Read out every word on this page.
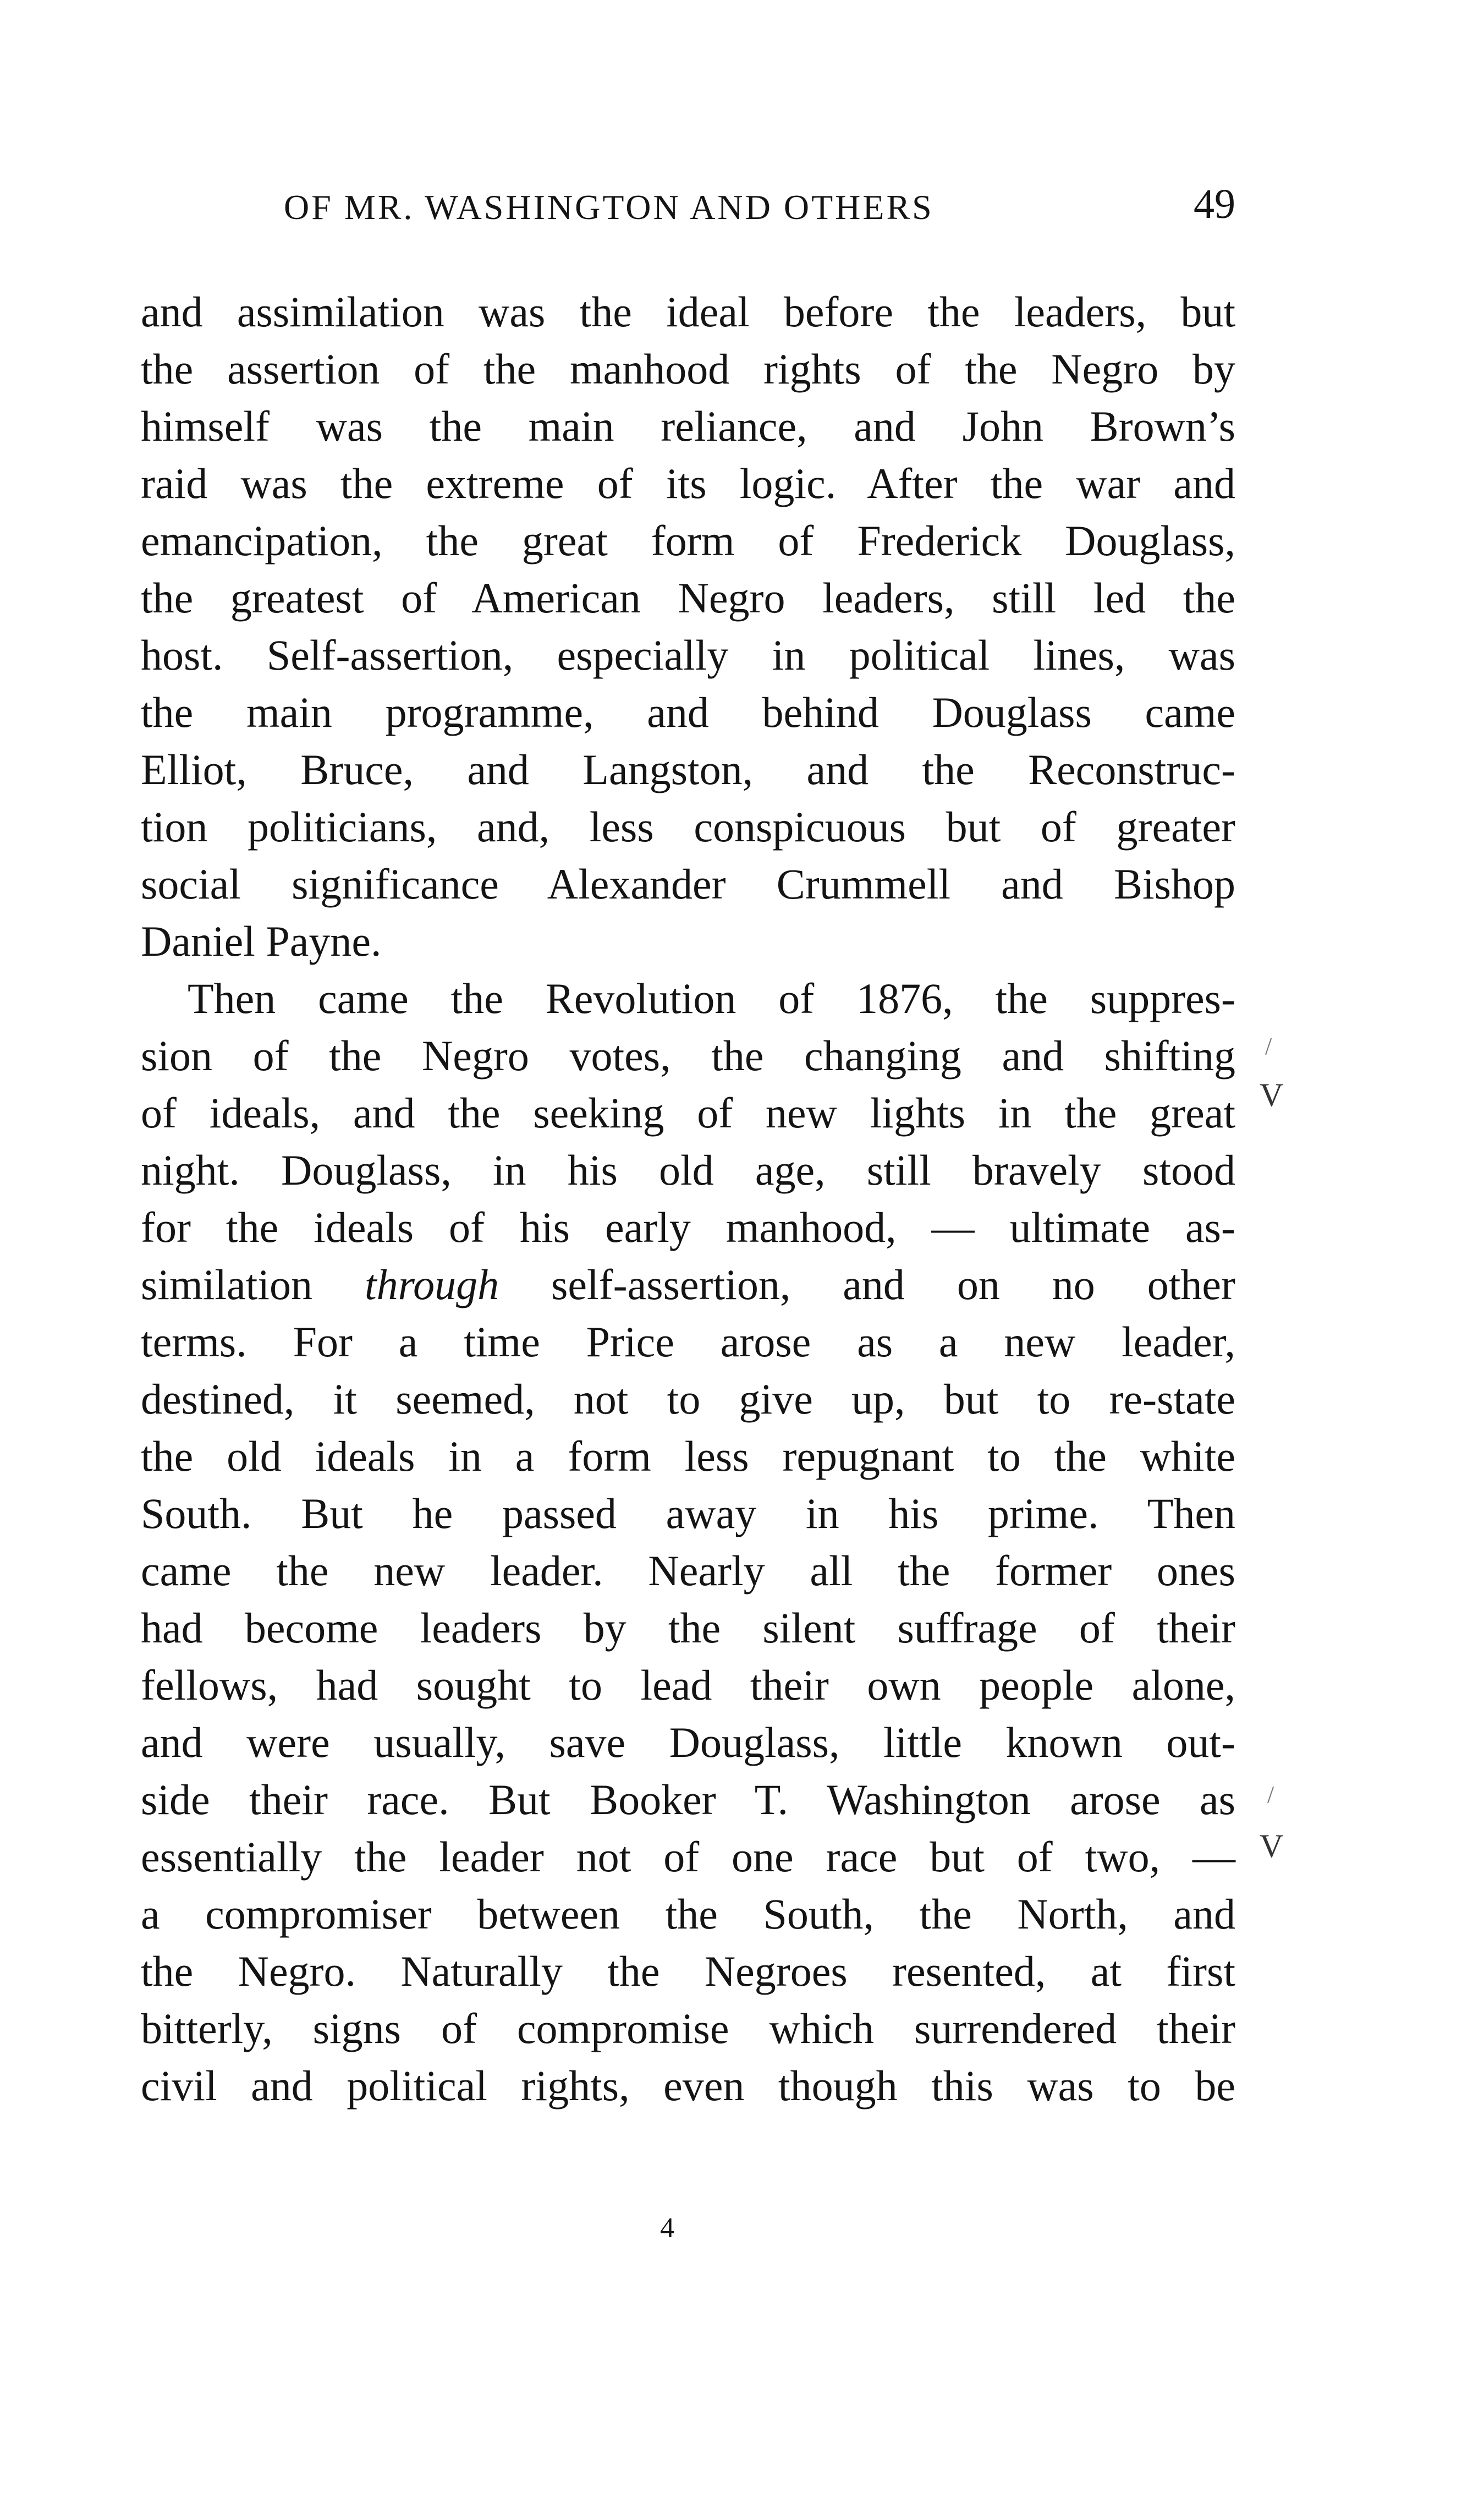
OF MR. WASHINGTON AND OTHERS	49
and assimilation was the ideal before the leaders, but
the assertion of the manhood rights of the Negro by
himself was the main reliance, and John Brown’s
raid was the extreme of its logic. After the war and
emancipation, the great form of Frederick Douglass,
the greatest of American Negro leaders, still led the
host. Self-assertion, especially in political lines, was
the main programme, and behind Douglass came
Elliot, Bruce, and Langston, and the Reconstruc-
tion politicians, and, less conspicuous but of greater
social significance Alexander Crummell and Bishop
Daniel Payne.
Then came the Revolution of 1876, the suppres-
sion of the Negro votes, the changing and shifting
of ideals, and the seeking of new lights in the great
night. Douglass, in his old age, still bravely stood
for the ideals of his early manhood, — ultimate as-
similation through self-assertion, and on no other
terms. For a time Price arose as a new leader,
destined, it seemed, not to give up, but to re-state
the old ideals in a form less repugnant to the white
South. But he passed away in his prime. Then
came the new leader. Nearly all the former ones
had become leaders by the silent suffrage of their
fellows, had sought to lead their own people alone,
and were usually, save Douglass, little known out-
side their race. But Booker T. Washington arose as
essentially the leader not of one race but of two, —
a compromiser between the South, the North, and
the Negro. Naturally the Negroes resented, at first
bitterly, signs of compromise which surrendered their
civil and political rights, even though this was to be
/
V
/
V
4
